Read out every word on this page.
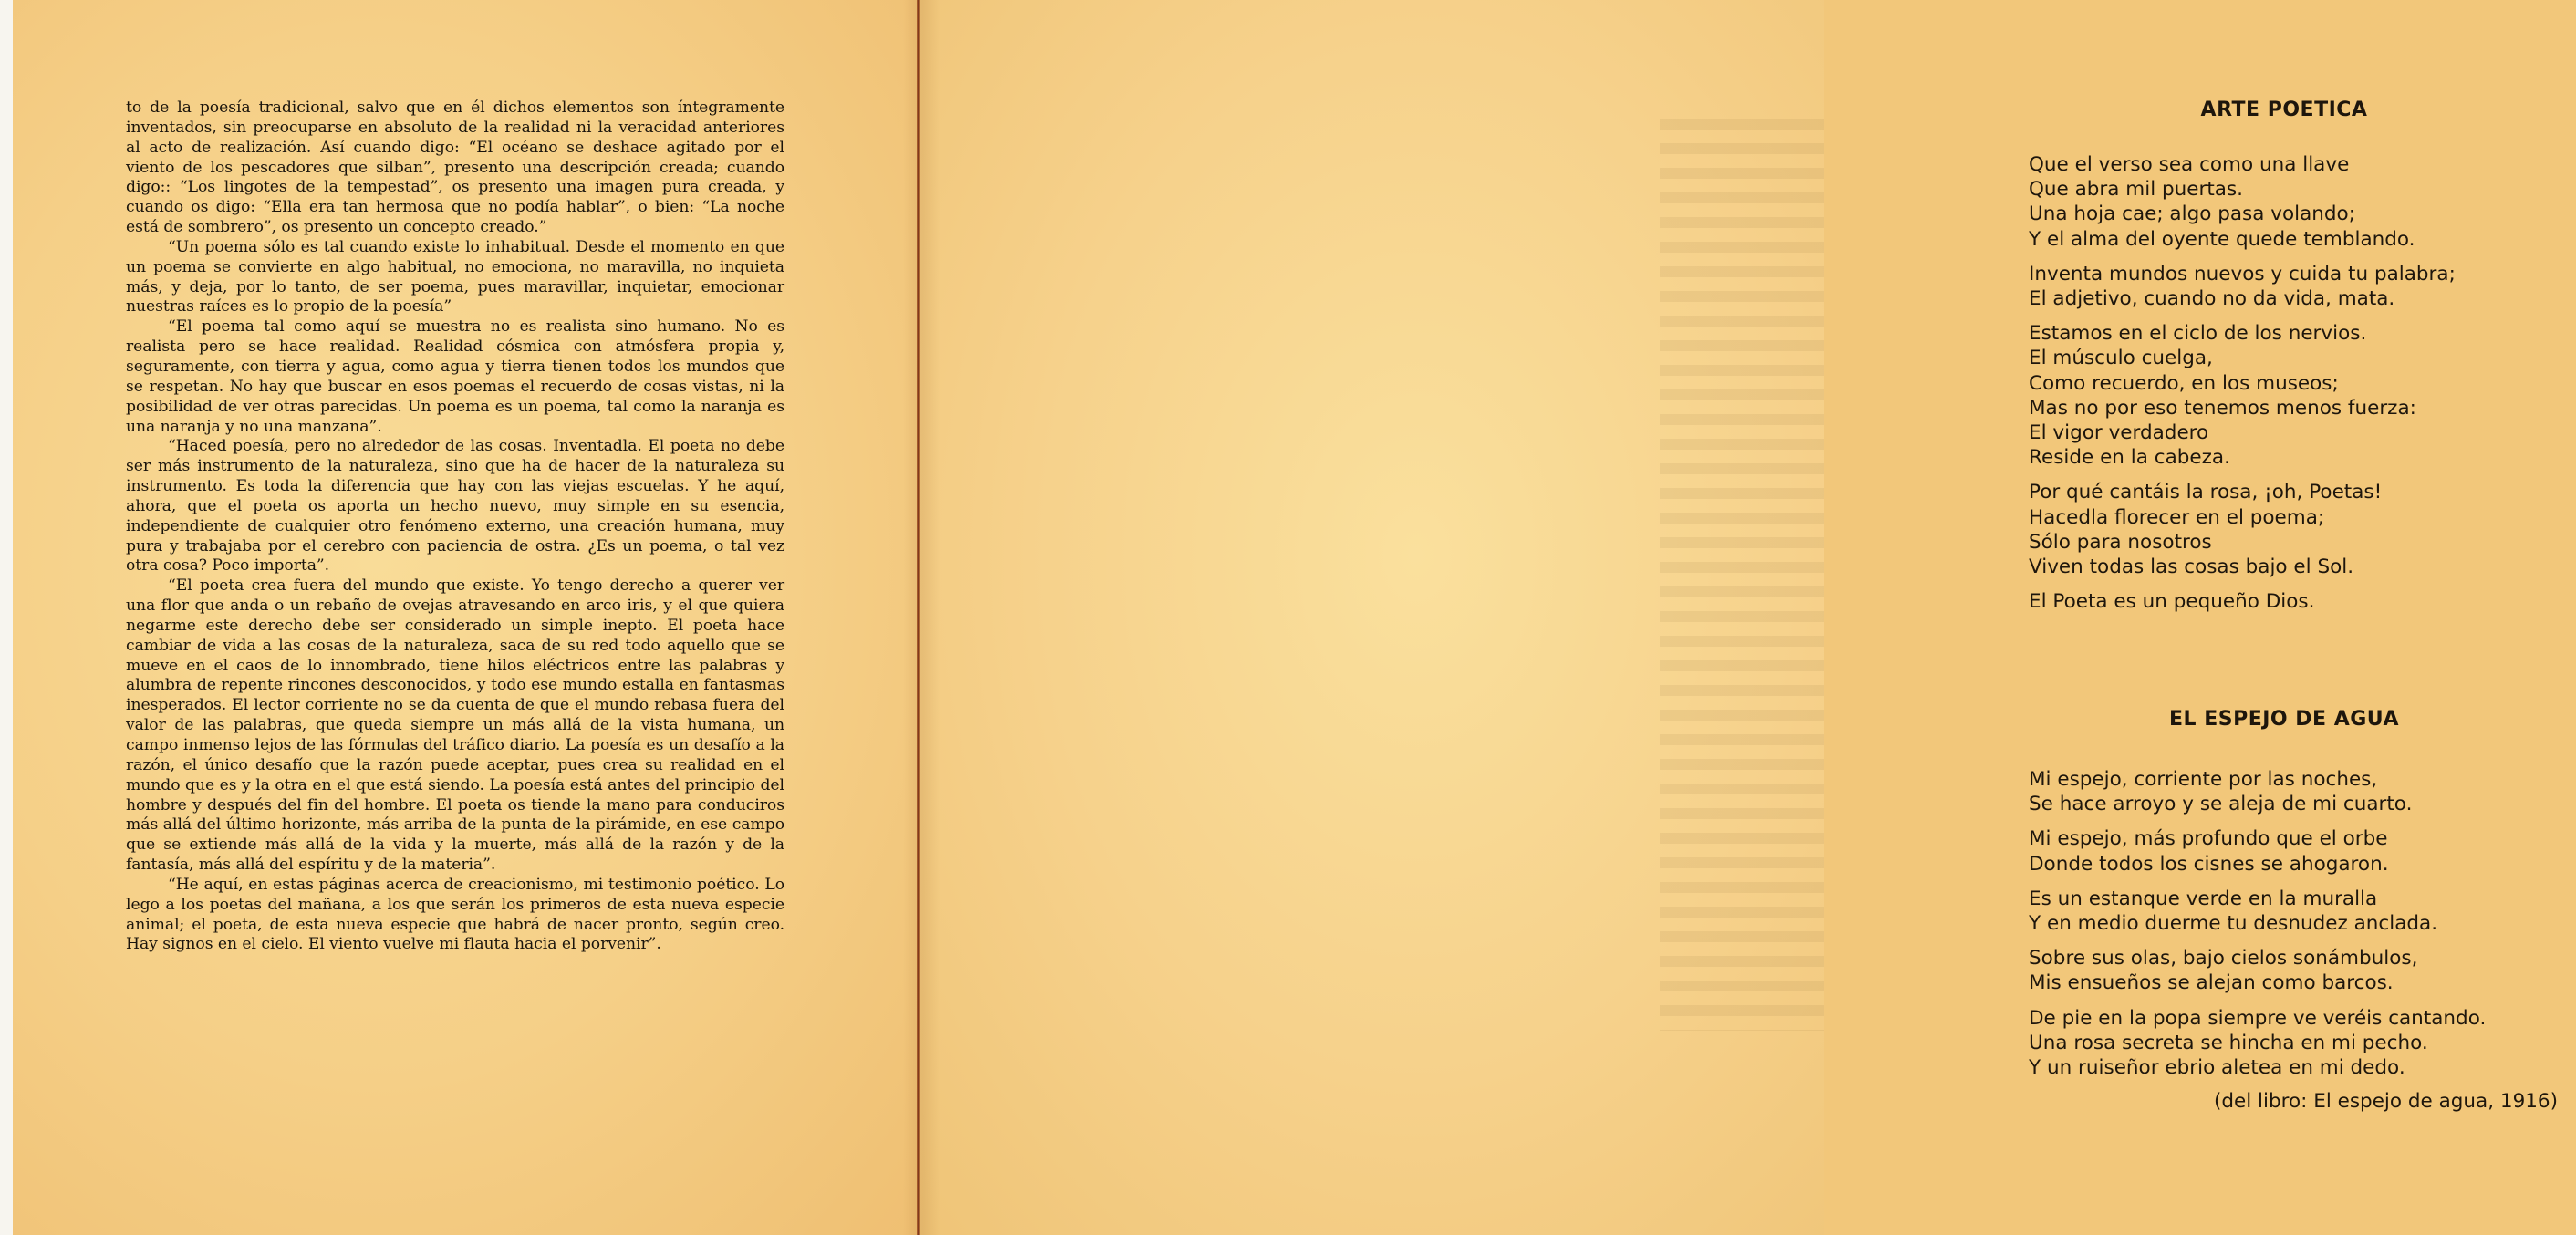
to de la poesía tradicional, salvo que en él dichos elementos son íntegramente inventados, sin preocuparse en absoluto de la realidad ni la veracidad anteriores al acto de realización. Así cuando digo: “El océano se deshace agitado por el viento de los pescadores que silban”, presento una descripción creada; cuando digo:: “Los lingotes de la tempestad”, os presento una imagen pura creada, y cuando os digo: “Ella era tan hermosa que no podía hablar”, o bien: “La noche está de sombrero”, os presento un concepto creado.”

“Un poema sólo es tal cuando existe lo inhabitual. Desde el momento en que un poema se convierte en algo habitual, no emociona, no maravilla, no inquieta más, y deja, por lo tanto, de ser poema, pues maravillar, inquietar, emocionar nuestras raíces es lo propio de la poesía”

“El poema tal como aquí se muestra no es realista sino humano. No es realista pero se hace realidad. Realidad cósmica con atmósfera propia y, seguramente, con tierra y agua, como agua y tierra tienen todos los mundos que se respetan. No hay que buscar en esos poemas el recuerdo de cosas vistas, ni la posibilidad de ver otras parecidas. Un poema es un poema, tal como la naranja es una naranja y no una manzana”.

“Haced poesía, pero no alrededor de las cosas. Inventadla. El poeta no debe ser más instrumento de la naturaleza, sino que ha de hacer de la naturaleza su instrumento. Es toda la diferencia que hay con las viejas escuelas. Y he aquí, ahora, que el poeta os aporta un hecho nuevo, muy simple en su esencia, independiente de cualquier otro fenómeno externo, una creación humana, muy pura y trabajaba por el cerebro con paciencia de ostra. ¿Es un poema, o tal vez otra cosa? Poco importa”.

“El poeta crea fuera del mundo que existe. Yo tengo derecho a querer ver una flor que anda o un rebaño de ovejas atravesando en arco iris, y el que quiera negarme este derecho debe ser considerado un simple inepto. El poeta hace cambiar de vida a las cosas de la naturaleza, saca de su red todo aquello que se mueve en el caos de lo innombrado, tiene hilos eléctricos entre las palabras y alumbra de repente rincones desconocidos, y todo ese mundo estalla en fantasmas inesperados. El lector corriente no se da cuenta de que el mundo rebasa fuera del valor de las palabras, que queda siempre un más allá de la vista humana, un campo inmenso lejos de las fórmulas del tráfico diario. La poesía es un desafío a la razón, el único desafío que la razón puede aceptar, pues crea su realidad en el mundo que es y la otra en el que está siendo. La poesía está antes del principio del hombre y después del fin del hombre. El poeta os tiende la mano para conduciros más allá del último horizonte, más arriba de la punta de la pirámide, en ese campo que se extiende más allá de la vida y la muerte, más allá de la razón y de la fantasía, más allá del espíritu y de la materia”.

“He aquí, en estas páginas acerca de creacionismo, mi testimonio poético. Lo lego a los poetas del mañana, a los que serán los primeros de esta nueva especie animal; el poeta, de esta nueva especie que habrá de nacer pronto, según creo. Hay signos en el cielo. El viento vuelve mi flauta hacia el porvenir”.

ARTE POETICA
Que el verso sea como una llave
Que abra mil puertas.
Una hoja cae; algo pasa volando;
Y el alma del oyente quede temblando.
Inventa mundos nuevos y cuida tu palabra;
El adjetivo, cuando no da vida, mata.
Estamos en el ciclo de los nervios.
El músculo cuelga,
Como recuerdo, en los museos;
Mas no por eso tenemos menos fuerza:
El vigor verdadero
Reside en la cabeza.
Por qué cantáis la rosa, ¡oh, Poetas!
Hacedla florecer en el poema;
Sólo para nosotros
Viven todas las cosas bajo el Sol.
El Poeta es un pequeño Dios.
EL ESPEJO DE AGUA
Mi espejo, corriente por las noches,
Se hace arroyo y se aleja de mi cuarto.
Mi espejo, más profundo que el orbe
Donde todos los cisnes se ahogaron.
Es un estanque verde en la muralla
Y en medio duerme tu desnudez anclada.
Sobre sus olas, bajo cielos sonámbulos,
Mis ensueños se alejan como barcos.
De pie en la popa siempre ve veréis cantando.
Una rosa secreta se hincha en mi pecho.
Y un ruiseñor ebrio aletea en mi dedo.
(del libro: El espejo de agua, 1916)
